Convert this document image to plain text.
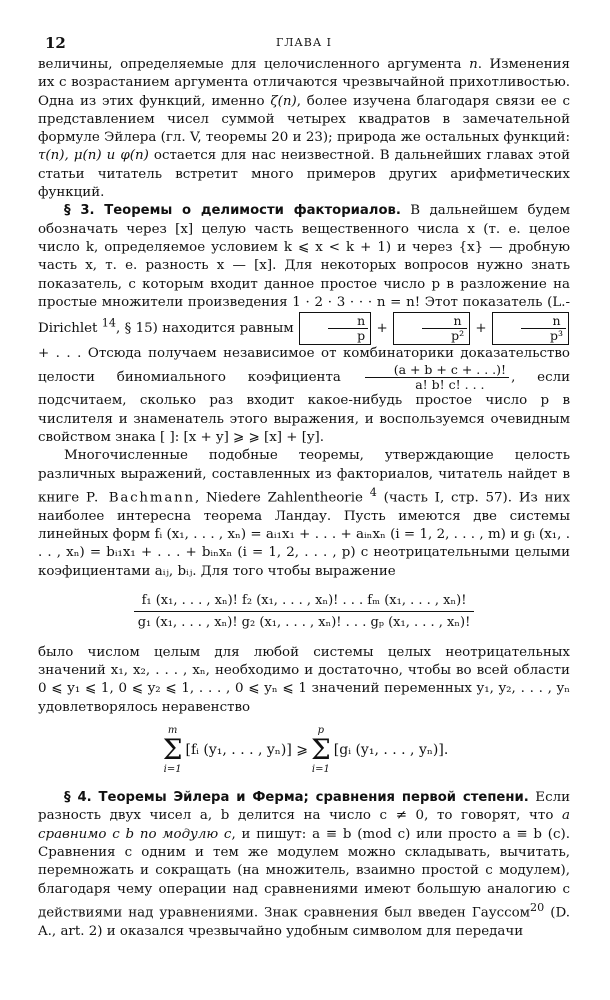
12	ГЛАВА I

величины, определяемые для целочисленного аргумента n. Изменения их с возрастанием аргумента отличаются чрезвычайной прихотливостью. Одна из этих функций, именно ζ(n), более изучена благодаря связи ее с представлением чисел суммой четырех квадратов в замечательной формуле Эйлера (гл. V, теоремы 20 и 23); природа же остальных функций: τ(n), μ(n) и φ(n) остается для нас неизвестной. В дальнейших главах этой статьи читатель встретит много примеров других арифметических функций.

§ 3. Теоремы о делимости факториалов. В дальнейшем будем обозначать через [x] целую часть вещественного числа x (т. е. целое число k, определяемое условием k ⩽ x < k + 1) и через {x} — дробную часть x, т. е. разность x — [x]. Для некоторых вопросов нужно знать показатель, с которым входит данное простое число p в разложение на простые множители произведения 1 · 2 · 3 · · · n = n! Этот показатель (L.-Dirichlet $^{14}$, § 15) находится равным $\frac{n}{p} + \frac{n}{\text{p²}} + \frac{n}{\text{p³}}$
+ . . . Отсюда получаем независимое от комбинаторики доказательство целости биномиального коэфициента $\frac{(a + b + c + . . .)!}{a! b! c! . . .}$ , если подсчитаем, сколько раз входит какое-нибудь простое число p в числителя и знаменатель этого выражения, и воспользуемся очевидным свойством знака [ ]: [x + y] ⩾ ⩾ [x] + [y].

Многочисленные подобные теоремы, утверждающие целость различных выражений, составленных из факториалов, читатель найдет в книге P. Bachmann, Niedere Zahlentheorie $^4$ (часть I, стр. 57). Из них наиболее интересна теорема Ландау. Пусть имеются две системы линейных форм fᵢ (x₁, . . . , xₙ) = aᵢ₁x₁ + . . . + aᵢₙxₙ (i = 1, 2, . . . , m) и gᵢ (x₁, . . . , xₙ) = bᵢ₁x₁ + . . . + bᵢₙxₙ (i = 1, 2, . . . , p) с неотрицательными целыми коэфициентами aᵢⱼ, bᵢⱼ. Для того чтобы выражение

f₁ (x₁, . . . , xₙ)! f₂ (x₁, . . . , xₙ)! . . . fₘ (x₁, . . . , xₙ)!
g₁ (x₁, . . . , xₙ)! g₂ (x₁, . . . , xₙ)! . . . gₚ (x₁, . . . , xₙ)!

было числом целым для любой системы целых неотрицательных значений x₁, x₂, . . . , xₙ, необходимо и достаточно, чтобы во всей области 0 ⩽ y₁ ⩽ 1, 0 ⩽ y₂ ⩽ 1, . . . , 0 ⩽ yₙ ⩽ 1 значений переменных y₁, y₂, . . . , yₙ удовлетворялось неравенство

m
Σ
i=1
[fᵢ (y₁, . . . , yₙ)] ⩾
p
Σ
i=1
[gᵢ (y₁, . . . , yₙ)].

§ 4. Теоремы Эйлера и Ферма; сравнения первой степени. Если разность двух чисел a, b делится на число c ≠ 0, то говорят, что a сравнимо с b по модулю c, и пишут: a ≡ b (mod c) или просто a ≡ b (c). Сравнения с одним и тем же модулем можно складывать, вычитать, перемножать и сокращать (на множитель, взаимно простой с модулем), благодаря чему операции над сравнениями имеют большую аналогию с действиями над уравнениями. Знак сравнения был введен Гауссом$^{20}$ (D. A., art. 2) и оказался чрезвычайно удобным символом для передачи
